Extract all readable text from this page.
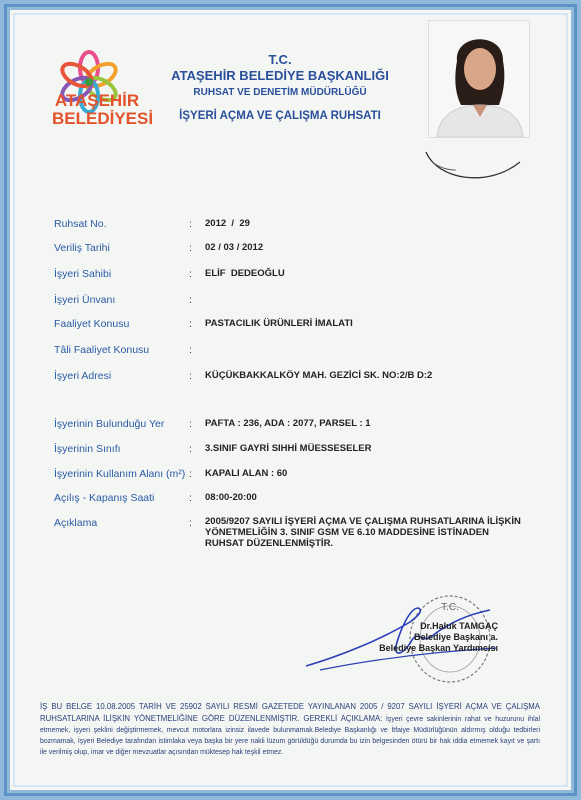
ATAŞEHİR
BELEDİYESİ
T.C.
ATAŞEHİR BELEDİYE BAŞKANLIĞI
RUHSAT VE DENETİM MÜDÜRLÜĞÜ
İŞYERİ AÇMA VE ÇALIŞMA RUHSATI
Ruhsat No.	: 2012  /  29
Veriliş Tarihi	: 02 / 03 / 2012
İşyeri Sahibi	: ELİF  DEDEOĞLU
İşyeri Ünvanı	:
Faaliyet Konusu	: PASTACILIK ÜRÜNLERİ İMALATI
Tâli Faaliyet Konusu	:
İşyeri Adresi	: KÜÇÜKBAKKALKÖY MAH. GEZİCİ SK. NO:2/B D:2
İşyerinin Bulunduğu Yer : PAFTA : 236, ADA : 2077, PARSEL : 1
İşyerinin Sınıfı	: 3.SINIF GAYRİ SIHHİ MÜESSESELER
İşyerinin Kullanım Alanı (m²) : KAPALI ALAN : 60
Açılış - Kapanış Saati	: 08:00-20:00
Açıklama	: 2005/9207 SAYILI İŞYERİ AÇMA VE ÇALIŞMA RUHSATLARINA İLİŞKİN
YÖNETMELİĞİN 3. SINIF GSM VE 6.10 MADDESİNE İSTİNADEN
RUHSAT DÜZENLENMİŞTİR.
T.C.
Dr.Haluk TAMGAÇ
Belediye Başkanı a.
Belediye Başkan Yardımcısı
İŞ BU BELGE 10.08.2005 TARİH VE 25902 SAYILI RESMİ GAZETEDE YAYINLANAN 2005 / 9207 SAYILI İŞYERİ AÇMA VE ÇALIŞMA RUHSATLARINA İLİŞKİN YÖNETMELİĞİNE GÖRE DÜZENLENMİŞTİR. GEREKLİ AÇIKLAMA: İşyeri çevre sakinlerinin rahat ve huzurunu ihlal etmemek, işyeri şeklini değiştirmemek, mevcut motorlara izinsiz ilavede bulunmamak.Belediye Başkanlığı ve İtfaiye Müdürlüğünün aldırmış olduğu tedbirleri bozmamak, İşyeri Belediye tarafından istimlaka veya başka bir yere nakli lüzum görüldüğü durumda bu izin belgesinden ötürü bir hak iddia etmemek kayıt ve şartı ile verilmiş olup, imar ve diğer mevzuatlar açısından müktesep hak teşkil etmez.
